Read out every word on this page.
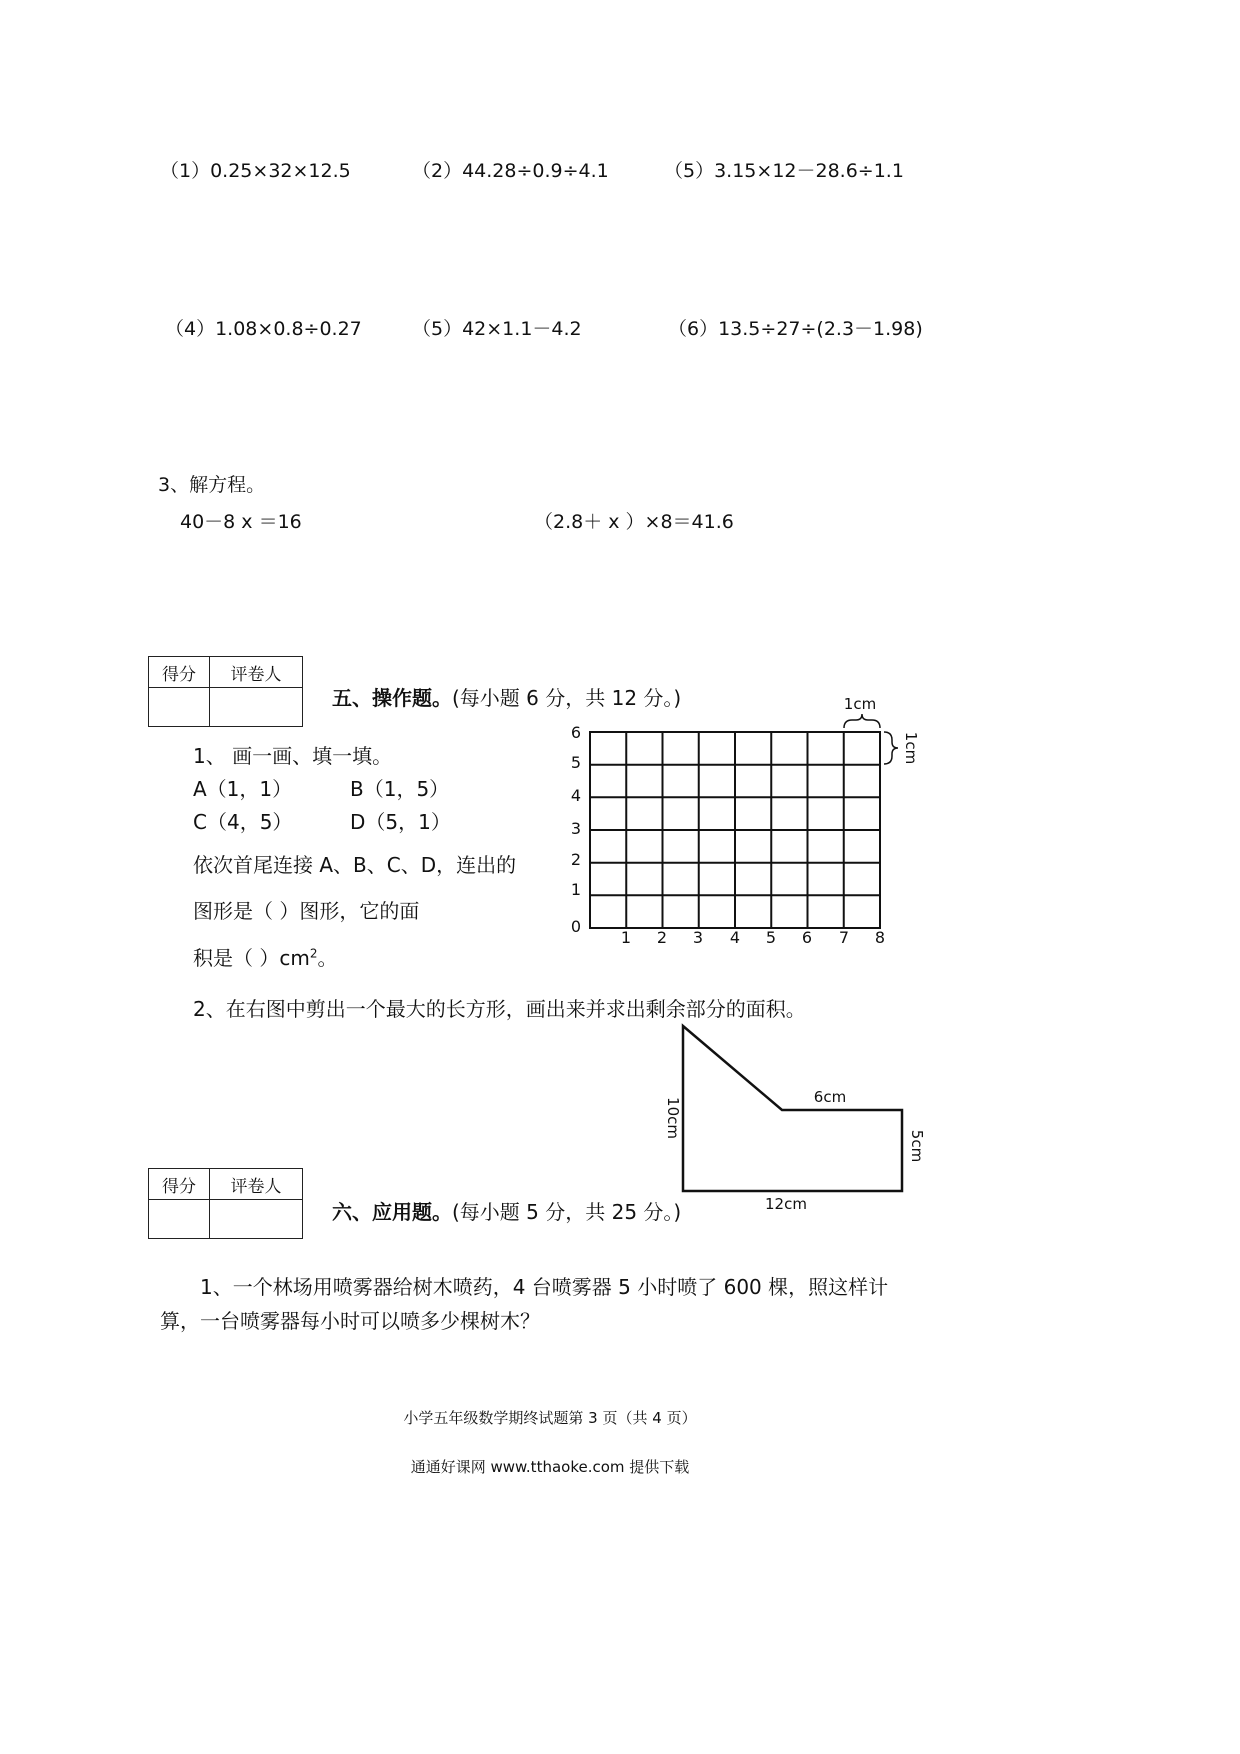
（1）0.25×32×12.5	（2）44.28÷0.9÷4.1	（5）3.15×12－28.6÷1.1
（4）1.08×0.8÷0.27	（5）42×1.1－4.2	（6）13.5÷27÷(2.3－1.98)
3、解方程。
40－8 x ＝16	（2.8＋ x ）×8＝41.6
得分	评卷人

五、操作题。(每小题 6 分，共 12 分。)
1、 画一画、填一填。
A（1，1）	B（1，5）
C（4，5）	D（5，1）
依次首尾连接 A、B、C、D，连出的
图形是（ ）图形，它的面
积是（ ）$cm^2$。
1 2 3 4 5 6 7 8
0
1
2
3
4
5
6
1cm
1cm
2、在右图中剪出一个最大的长方形，画出来并求出剩余部分的面积。
10cm
6cm
5cm
12cm
得分	评卷人

六、应用题。(每小题 5 分，共 25 分。)
1、一个林场用喷雾器给树木喷药，4 台喷雾器 5 小时喷了 600 棵，照这样计
算，一台喷雾器每小时可以喷多少棵树木？
小学五年级数学期终试题第 3 页（共 4 页）
通通好课网 www.tthaoke.com 提供下载
